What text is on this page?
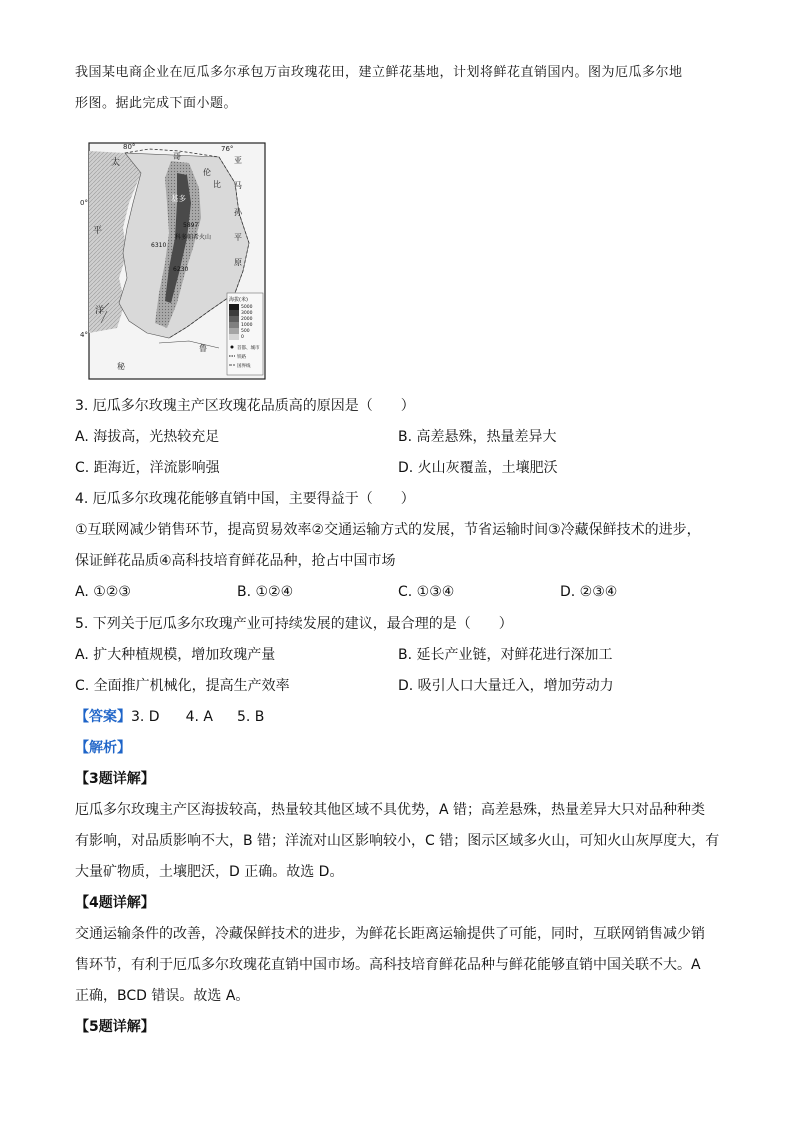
我国某电商企业在厄瓜多尔承包万亩玫瑰花田，建立鲜花基地，计划将鲜花直销国内。图为厄瓜多尔地
形图。据此完成下面小题。
80°	76°
0°
4°
太
平
洋
哥
伦
比
亚
马
孙
平
原
秘
鲁
基多
科多帕希火山
5897
6310
6230
海拔(米)
5000
3000
2000
1000
500
0
首都、城市
铁路
国界线
3. 厄瓜多尔玫瑰主产区玫瑰花品质高的原因是（　　）
A. 海拔高，光热较充足	B. 高差悬殊，热量差异大
C. 距海近，洋流影响强	D. 火山灰覆盖，土壤肥沃
4. 厄瓜多尔玫瑰花能够直销中国，主要得益于（　　）
①互联网减少销售环节，提高贸易效率②交通运输方式的发展，节省运输时间③冷藏保鲜技术的进步，
保证鲜花品质④高科技培育鲜花品种，抢占中国市场
A. ①②③	B. ①②④	C. ①③④	D. ②③④
5. 下列关于厄瓜多尔玫瑰产业可持续发展的建议，最合理的是（　　）
A. 扩大种植规模，增加玫瑰产量	B. 延长产业链，对鲜花进行深加工
C. 全面推广机械化，提高生产效率	D. 吸引人口大量迁入，增加劳动力
【答案】3. D 4. A 5. B
【解析】
【3题详解】
厄瓜多尔玫瑰主产区海拔较高，热量较其他区域不具优势，A 错；高差悬殊，热量差异大只对品种种类
有影响，对品质影响不大，B 错；洋流对山区影响较小，C 错；图示区域多火山，可知火山灰厚度大，有
大量矿物质，土壤肥沃，D 正确。故选 D。
【4题详解】
交通运输条件的改善，冷藏保鲜技术的进步，为鲜花长距离运输提供了可能，同时，互联网销售减少销
售环节，有利于厄瓜多尔玫瑰花直销中国市场。高科技培育鲜花品种与鲜花能够直销中国关联不大。A
正确，BCD 错误。故选 A。
【5题详解】
